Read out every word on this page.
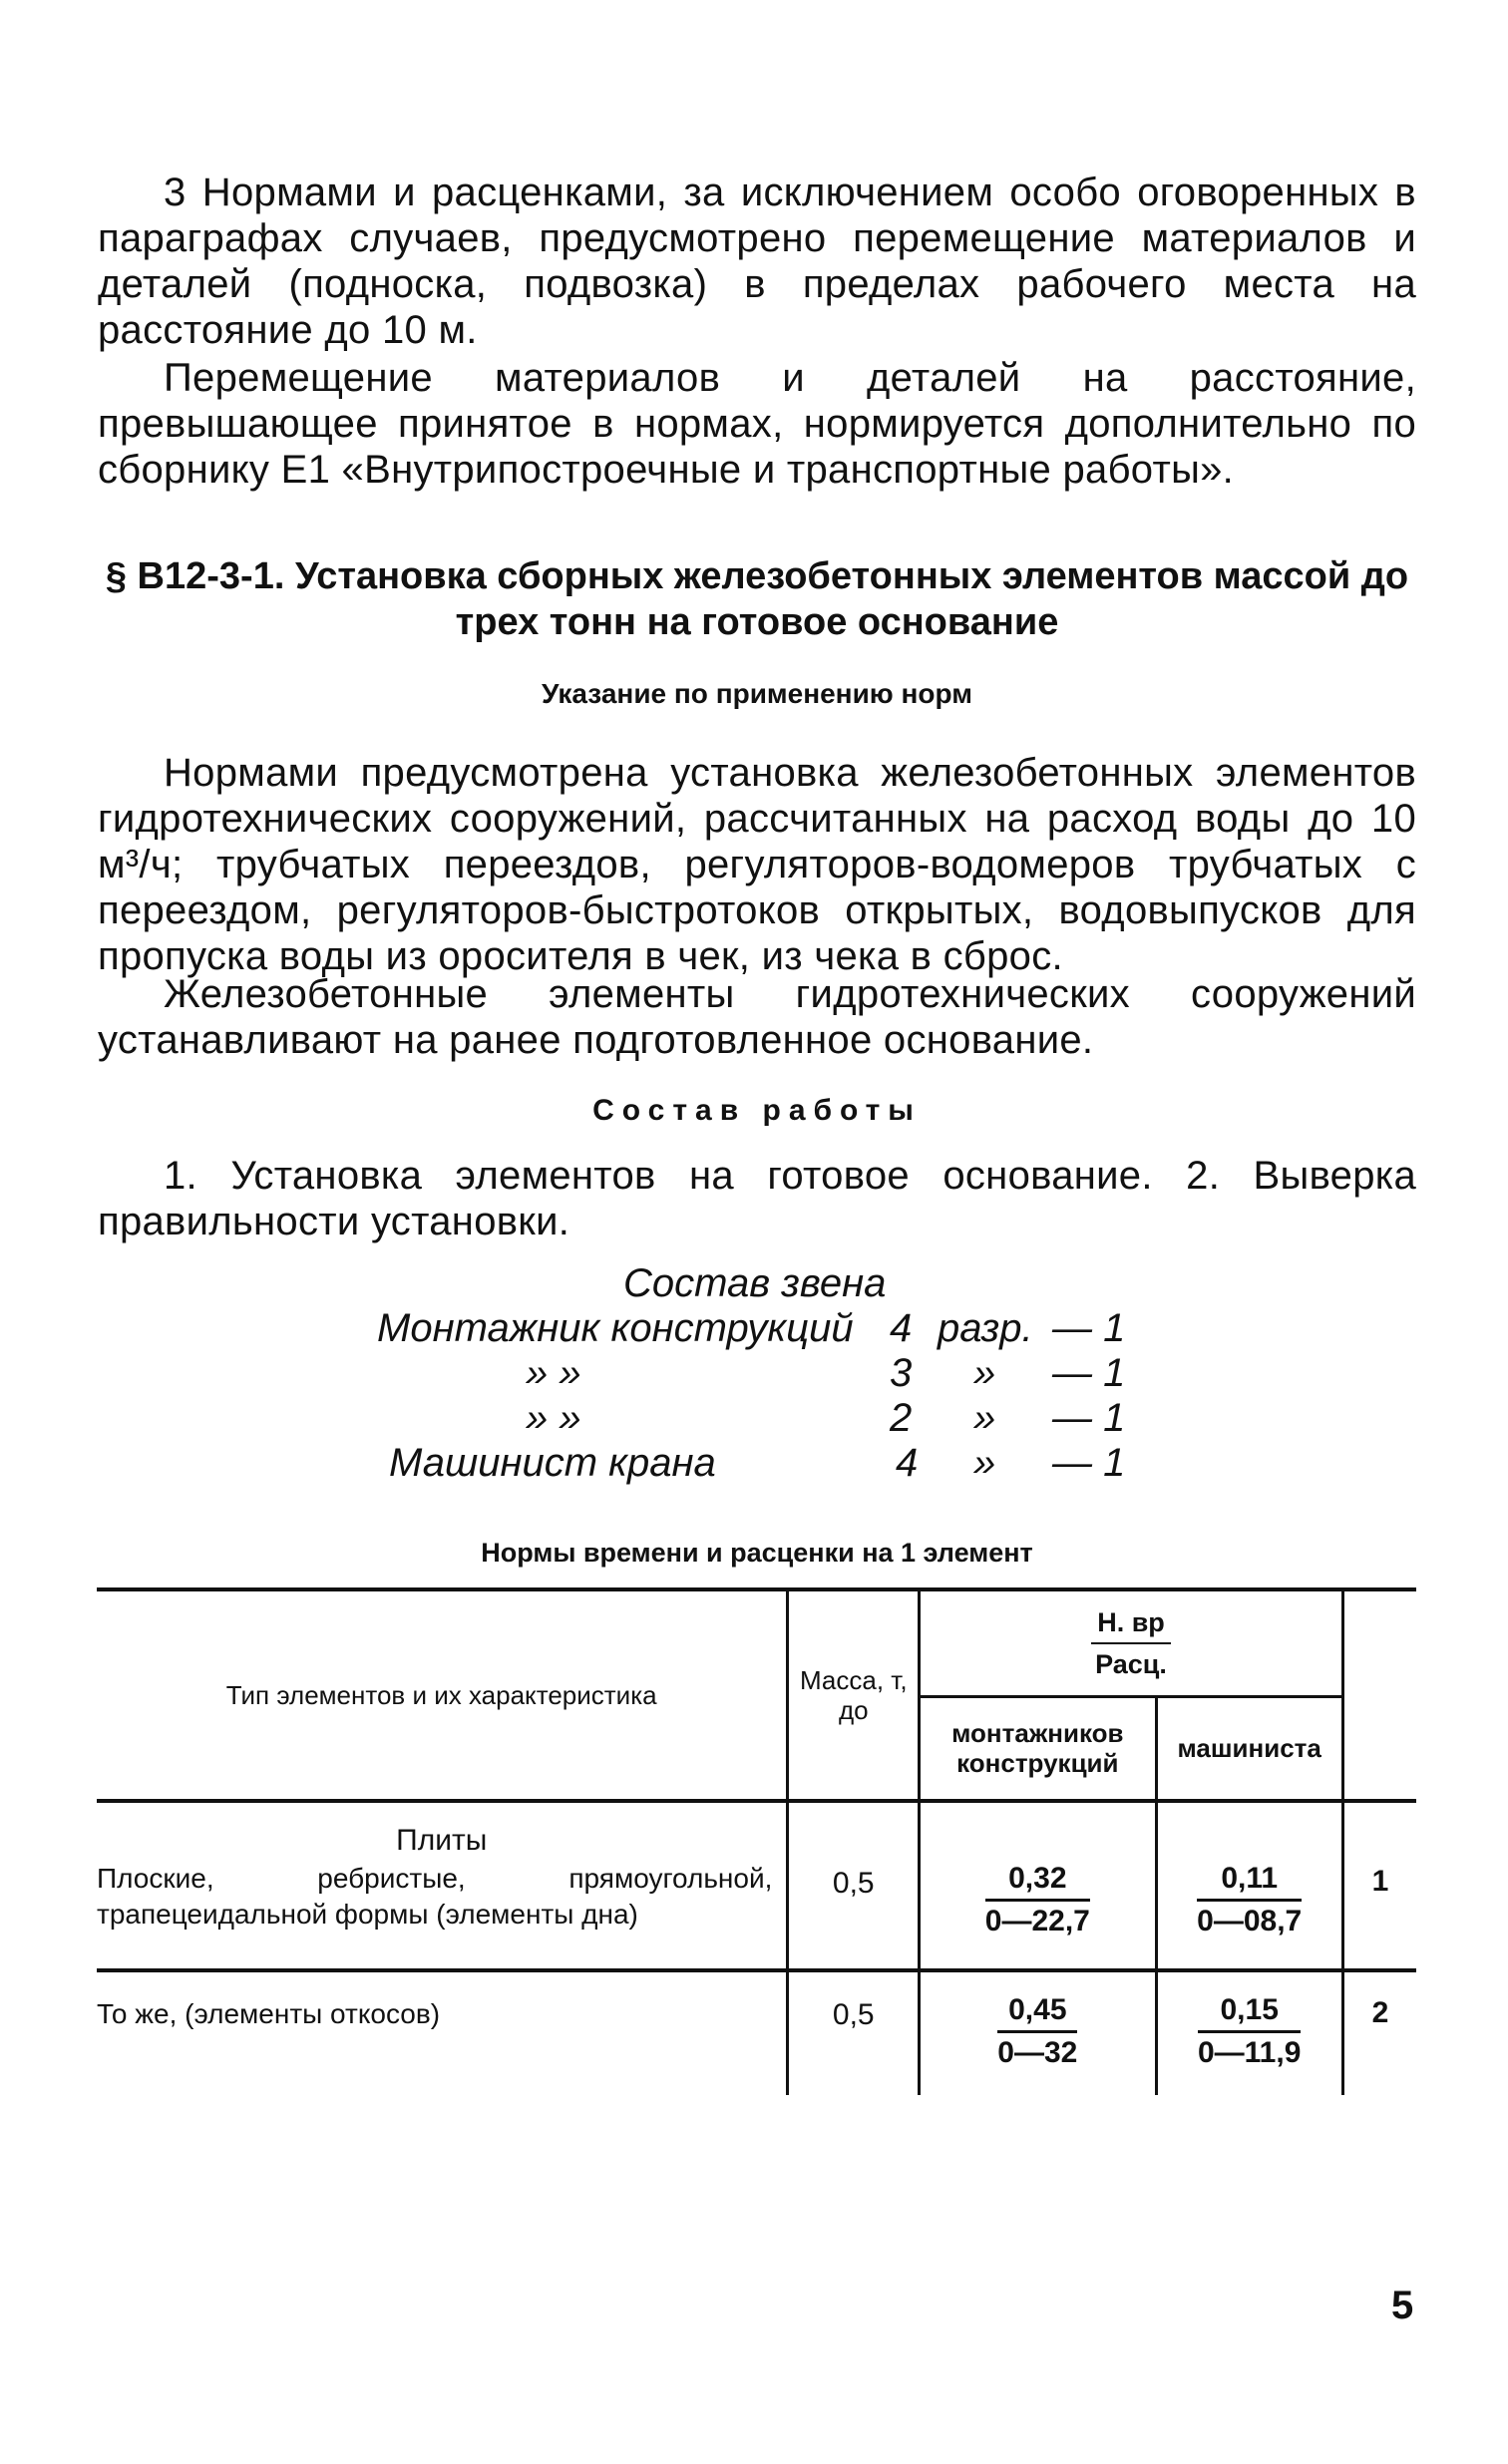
3 Нормами и расценками, за исключением особо оговоренных в параграфах случаев, предусмотрено перемещение материалов и деталей (подноска, подвозка) в пределах рабочего места на расстояние до 10 м.
Перемещение материалов и деталей на расстояние, превышающее принятое в нормах, нормируется дополнительно по сборнику Е1 «Внутрипостроечные и транспортные работы».
§ В12-3-1. Установка сборных железобетонных элементов массой до трех тонн на готовое основание
Указание по применению норм
Нормами предусмотрена установка железобетонных элементов гидротехнических сооружений, рассчитанных на расход воды до 10 м³/ч; трубчатых переездов, регуляторов-водомеров трубчатых с переездом, регуляторов-быстротоков открытых, водовыпусков для пропуска воды из оросителя в чек, из чека в сброс.
Железобетонные элементы гидротехнических сооружений устанавливают на ранее подготовленное основание.
Состав работы
1. Установка элементов на готовое основание. 2. Выверка правильности установки.
Состав звена
Монтажник конструкций 4 разр. — 1
» »	3 » — 1
» »	2 » — 1
Машинист крана	4 » — 1
Нормы времени и расценки на 1 элемент
Тип элементов и их характеристика	Масса, т, до	$\frac{Н. вр}{\text{Расц.}}$

		монтажников конструкций	машиниста	
Плиты				
Плоские, ребристые, прямоугольной, трапецеидальной формы (элементы дна)	0,5	$\frac{0,32}{0—22,7}$	$\frac{0,11}{0—08,7}$	1
То же, (элементы откосов)	0,5	$\frac{0,45}{0—32}$	$\frac{0,15}{0—11,9}$	2
5
